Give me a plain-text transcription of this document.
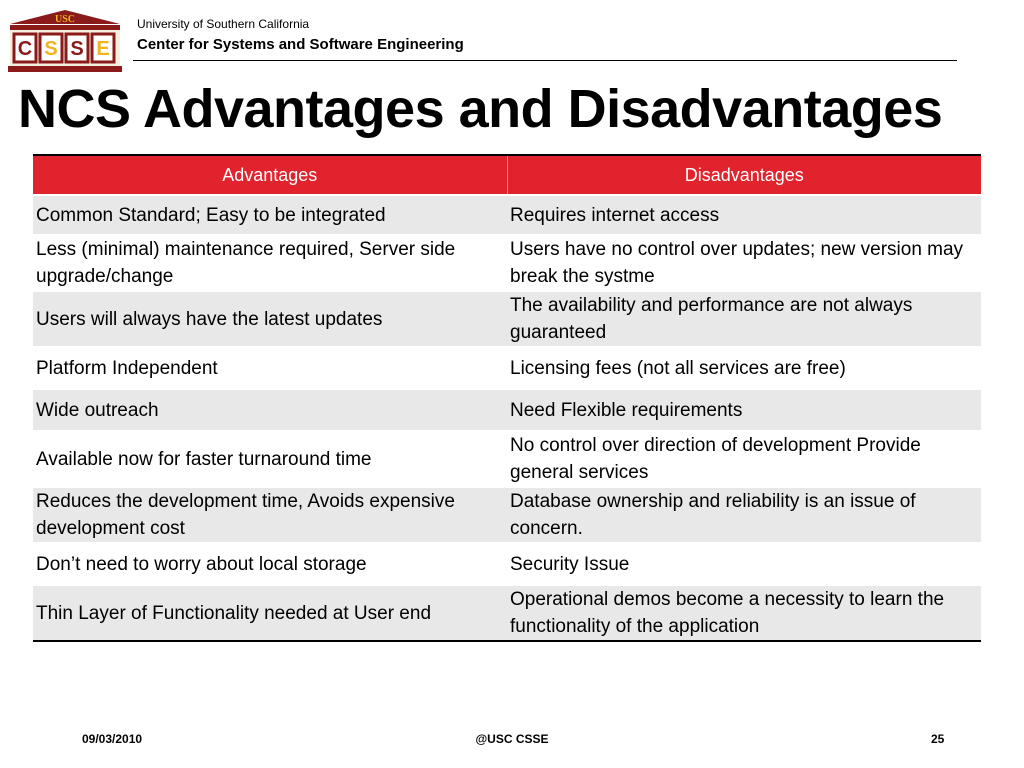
USC
C S S E
University of Southern California
Center for Systems and Software Engineering
NCS Advantages and Disadvantages
Advantages	Disadvantages
Common Standard; Easy to be integrated	Requires internet access
Less (minimal) maintenance required, Server side upgrade/change	Users have no control over updates; new version may break the systme
Users will always have the latest updates	The availability and performance are not always guaranteed
Platform Independent	Licensing fees (not all services are free)
Wide outreach	Need Flexible requirements
Available now for faster turnaround time	No control over direction of development Provide general services
Reduces the development time, Avoids expensive development cost	Database ownership and reliability is an issue of concern.
Don’t need to worry about local storage	Security Issue
Thin Layer of Functionality needed at User end	Operational demos become a necessity to learn the functionality of the application
09/03/2010	@USC CSSE	25
